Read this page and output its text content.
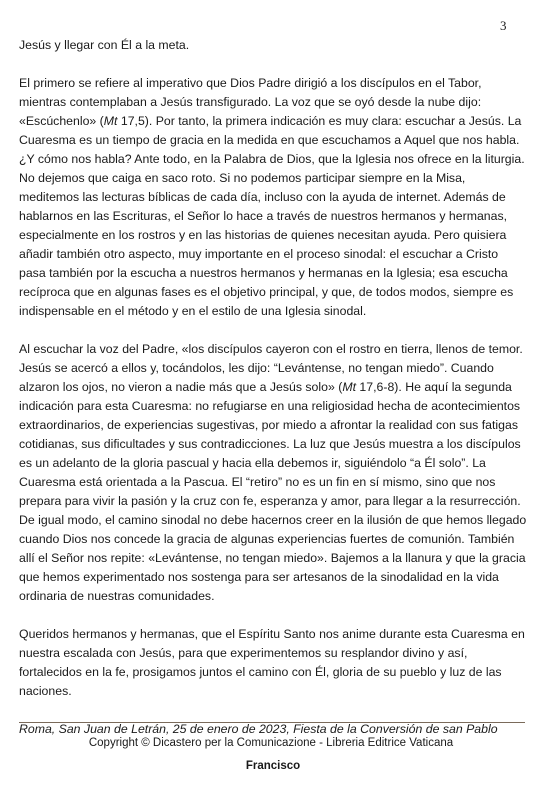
3

Jesús y llegar con Él a la meta.

El primero se refiere al imperativo que Dios Padre dirigió a los discípulos en el Tabor, mientras contemplaban a Jesús transfigurado. La voz que se oyó desde la nube dijo: «Escúchenlo» (Mt 17,5). Por tanto, la primera indicación es muy clara: escuchar a Jesús. La Cuaresma es un tiempo de gracia en la medida en que escuchamos a Aquel que nos habla. ¿Y cómo nos habla? Ante todo, en la Palabra de Dios, que la Iglesia nos ofrece en la liturgia. No dejemos que caiga en saco roto. Si no podemos participar siempre en la Misa, meditemos las lecturas bíblicas de cada día, incluso con la ayuda de internet. Además de hablarnos en las Escrituras, el Señor lo hace a través de nuestros hermanos y hermanas, especialmente en los rostros y en las historias de quienes necesitan ayuda. Pero quisiera añadir también otro aspecto, muy importante en el proceso sinodal: el escuchar a Cristo pasa también por la escucha a nuestros hermanos y hermanas en la Iglesia; esa escucha recíproca que en algunas fases es el objetivo principal, y que, de todos modos, siempre es indispensable en el método y en el estilo de una Iglesia sinodal.

Al escuchar la voz del Padre, «los discípulos cayeron con el rostro en tierra, llenos de temor. Jesús se acercó a ellos y, tocándolos, les dijo: “Levántense, no tengan miedo”. Cuando alzaron los ojos, no vieron a nadie más que a Jesús solo» (Mt 17,6-8). He aquí la segunda indicación para esta Cuaresma: no refugiarse en una religiosidad hecha de acontecimientos extraordinarios, de experiencias sugestivas, por miedo a afrontar la realidad con sus fatigas cotidianas, sus dificultades y sus contradicciones. La luz que Jesús muestra a los discípulos es un adelanto de la gloria pascual y hacia ella debemos ir, siguiéndolo “a Él solo”. La Cuaresma está orientada a la Pascua. El “retiro” no es un fin en sí mismo, sino que nos prepara para vivir la pasión y la cruz con fe, esperanza y amor, para llegar a la resurrección. De igual modo, el camino sinodal no debe hacernos creer en la ilusión de que hemos llegado cuando Dios nos concede la gracia de algunas experiencias fuertes de comunión. También allí el Señor nos repite: «Levántense, no tengan miedo». Bajemos a la llanura y que la gracia que hemos experimentado nos sostenga para ser artesanos de la sinodalidad en la vida ordinaria de nuestras comunidades.

Queridos hermanos y hermanas, que el Espíritu Santo nos anime durante esta Cuaresma en nuestra escalada con Jesús, para que experimentemos su resplandor divino y así, fortalecidos en la fe, prosigamos juntos el camino con Él, gloria de su pueblo y luz de las naciones.

Roma, San Juan de Letrán, 25 de enero de 2023, Fiesta de la Conversión de san Pablo

Francisco

Copyright © Dicastero per la Comunicazione - Libreria Editrice Vaticana
